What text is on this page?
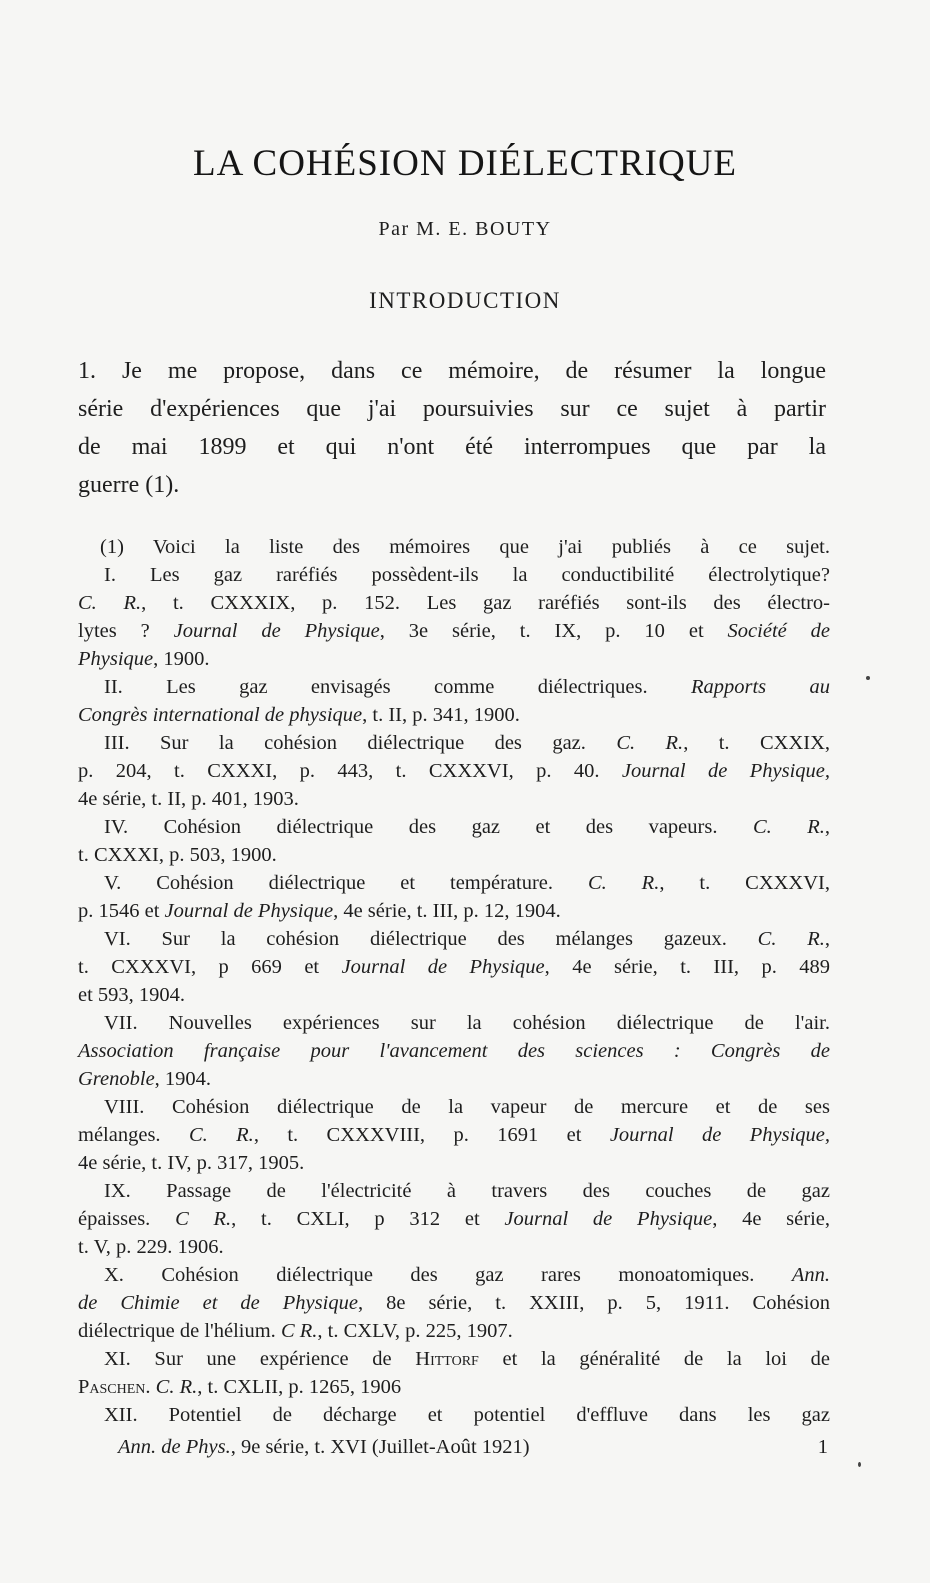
LA COHÉSION DIÉLECTRIQUE
Par M. E. BOUTY
INTRODUCTION
1. Je me propose, dans ce mémoire, de résumer la longue
série d'expériences que j'ai poursuivies sur ce sujet à partir
de mai 1899 et qui n'ont été interrompues que par la
guerre (1).
(1) Voici la liste des mémoires que j'ai publiés à ce sujet.
I. Les gaz raréfiés possèdent-ils la conductibilité électrolytique?
C. R., t. CXXXIX, p. 152. Les gaz raréfiés sont-ils des électro-
lytes ? Journal de Physique, 3e série, t. IX, p. 10 et Société de
Physique, 1900.
II. Les gaz envisagés comme diélectriques. Rapports au
Congrès international de physique, t. II, p. 341, 1900.
III. Sur la cohésion diélectrique des gaz. C. R., t. CXXIX,
p. 204, t. CXXXI, p. 443, t. CXXXVI, p. 40. Journal de Physique,
4e série, t. II, p. 401, 1903.
IV. Cohésion diélectrique des gaz et des vapeurs. C. R.,
t. CXXXI, p. 503, 1900.
V. Cohésion diélectrique et température. C. R., t. CXXXVI,
p. 1546 et Journal de Physique, 4e série, t. III, p. 12, 1904.
VI. Sur la cohésion diélectrique des mélanges gazeux. C. R.,
t. CXXXVI, p 669 et Journal de Physique, 4e série, t. III, p. 489
et 593, 1904.
VII. Nouvelles expériences sur la cohésion diélectrique de l'air.
Association française pour l'avancement des sciences : Congrès de
Grenoble, 1904.
VIII. Cohésion diélectrique de la vapeur de mercure et de ses
mélanges. C. R., t. CXXXVIII, p. 1691 et Journal de Physique,
4e série, t. IV, p. 317, 1905.
IX. Passage de l'électricité à travers des couches de gaz
épaisses. C R., t. CXLI, p 312 et Journal de Physique, 4e série,
t. V, p. 229. 1906.
X. Cohésion diélectrique des gaz rares monoatomiques. Ann.
de Chimie et de Physique, 8e série, t. XXIII, p. 5, 1911. Cohésion
diélectrique de l'hélium. C R., t. CXLV, p. 225, 1907.
XI. Sur une expérience de Hittorf et la généralité de la loi de
Paschen. C. R., t. CXLII, p. 1265, 1906
XII. Potentiel de décharge et potentiel d'effluve dans les gaz
Ann. de Phys., 9e série, t. XVI (Juillet-Août 1921)	1
